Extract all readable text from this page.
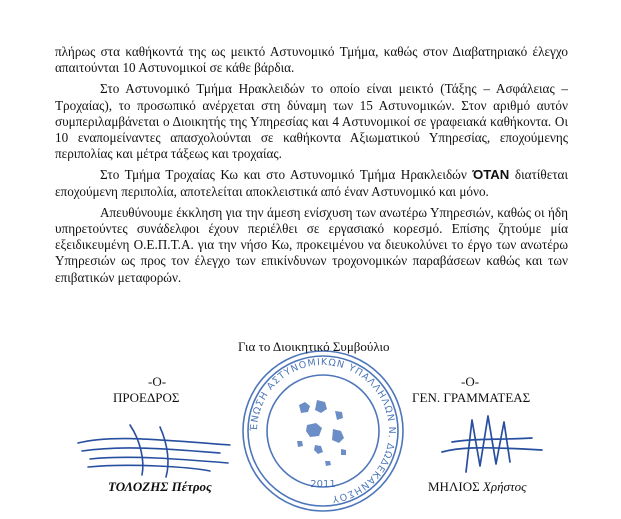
πλήρως στα καθήκοντά της ως μεικτό Αστυνομικό Τμήμα, καθώς στον Διαβατηριακό έλεγχο απαιτούνται 10 Αστυνομικοί σε κάθε βάρδια.

Στο Αστυνομικό Τμήμα Ηρακλειδών το οποίο είναι μεικτό (Τάξης – Ασφάλειας – Τροχαίας), το προσωπικό ανέρχεται στη δύναμη των 15 Αστυνομικών. Στον αριθμό αυτόν συμπεριλαμβάνεται ο Διοικητής της Υπηρεσίας και 4 Αστυνομικοί σε γραφειακά καθήκοντα. Οι 10 εναπομείναντες απασχολούνται σε καθήκοντα Αξιωματικού Υπηρεσίας, εποχούμενης περιπολίας και μέτρα τάξεως και τροχαίας.

Στο Τμήμα Τροχαίας Κω και στο Αστυνομικό Τμήμα Ηρακλειδών ΌΤΑΝ διατίθεται εποχούμενη περιπολία, αποτελείται αποκλειστικά από έναν Αστυνομικό και μόνο.

Απευθύνουμε έκκληση για την άμεση ενίσχυση των ανωτέρω Υπηρεσιών, καθώς οι ήδη υπηρετούντες συνάδελφοι έχουν περιέλθει σε εργασιακό κορεσμό. Επίσης ζητούμε μία εξειδικευμένη Ο.Ε.Π.Τ.Α. για την νήσο Κω, προκειμένου να διευκολύνει το έργο των ανωτέρω Υπηρεσιών ως προς τον έλεγχο των επικίνδυνων τροχονομικών παραβάσεων καθώς και των επιβατικών μεταφορών.

ΈΝΩΣΗ ΑΣΤΥΝΟΜΙΚΩΝ ΥΠΑΛΛΗΛΩΝ Ν. ΔΩΔΕΚΑΝΗΣΟΥ
2011
Για το Διοικητικό Συμβούλιο
-Ο-
ΠΡΟΕΔΡΟΣ
ΤΟΛΟΖΗΣ Πέτρος
-Ο-
ΓΕΝ. ΓΡΑΜΜΑΤΕΑΣ
ΜΗΛΙΟΣ Χρήστος
